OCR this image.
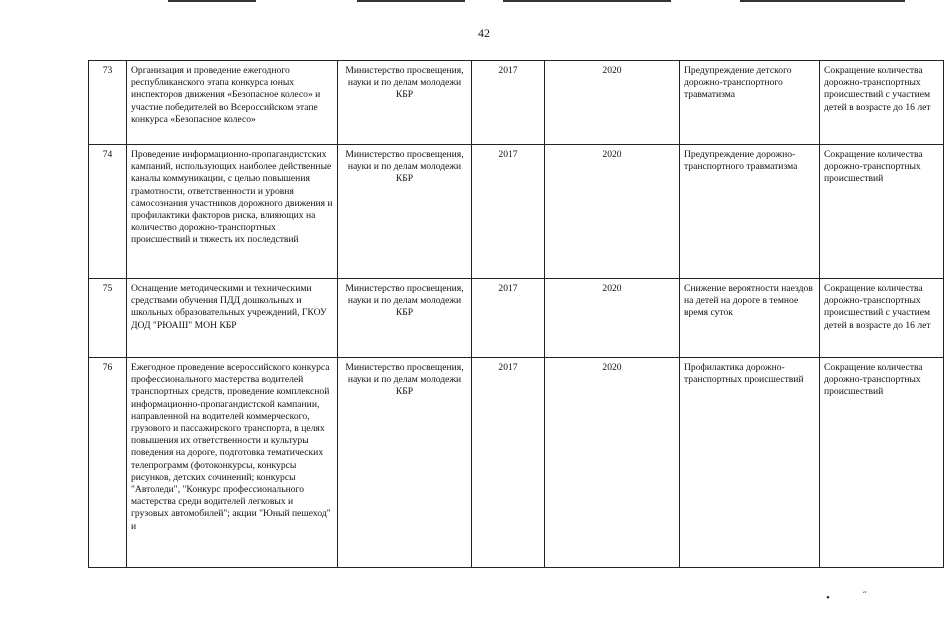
42
73	Организация и проведение ежегодного республиканского этапа конкурса юных инспекторов движения «Безопасное колесо» и участие победителей во Всероссийском этапе конкурса «Безопасное колесо»	Министерство просвещения, науки и по делам молодежи КБР	2017	2020	Предупреждение детского дорожно-транспортного травматизма	Сокращение количества дорожно-транспортных происшествий с участием детей в возрасте до 16 лет
74	Проведение информационно-пропагандистских кампаний, использующих наиболее действенные каналы коммуникации, с целью повышения грамотности, ответственности и уровня самосознания участников дорожного движения и профилактики факторов риска, влияющих на количество дорожно-транспортных происшествий и тяжесть их последствий	Министерство просвещения, науки и по делам молодежи КБР	2017	2020	Предупреждение дорожно-транспортного травматизма	Сокращение количества дорожно-транспортных происшествий
75	Оснащение методическими и техническими средствами обучения ПДД дошкольных и школьных образовательных учреждений, ГКОУ ДОД "РЮАШ" МОН КБР	Министерство просвещения, науки и по делам молодежи КБР	2017	2020	Снижение вероятности наездов на детей на дороге в темное время суток	Сокращение количества дорожно-транспортных происшествий с участием детей в возрасте до 16 лет
76	Ежегодное проведение всероссийского конкурса профессионального мастерства водителей транспортных средств, проведение комплексной информационно-пропагандистской кампании, направленной на водителей коммерческого, грузового и пассажирского транспорта, в целях повышения их ответственности и культуры поведения на дороге, подготовка тематических телепрограмм (фотоконкурсы, конкурсы рисунков, детских сочинений; конкурсы "Автоледи", "Конкурс профессионального мастерства среди водителей легковых и грузовых автомобилей"; акции "Юный пешеход" и	Министерство просвещения, науки и по делам молодежи КБР	2017	2020	Профилактика дорожно-транспортных происшествий	Сокращение количества дорожно-транспортных происшествий
•	˝
